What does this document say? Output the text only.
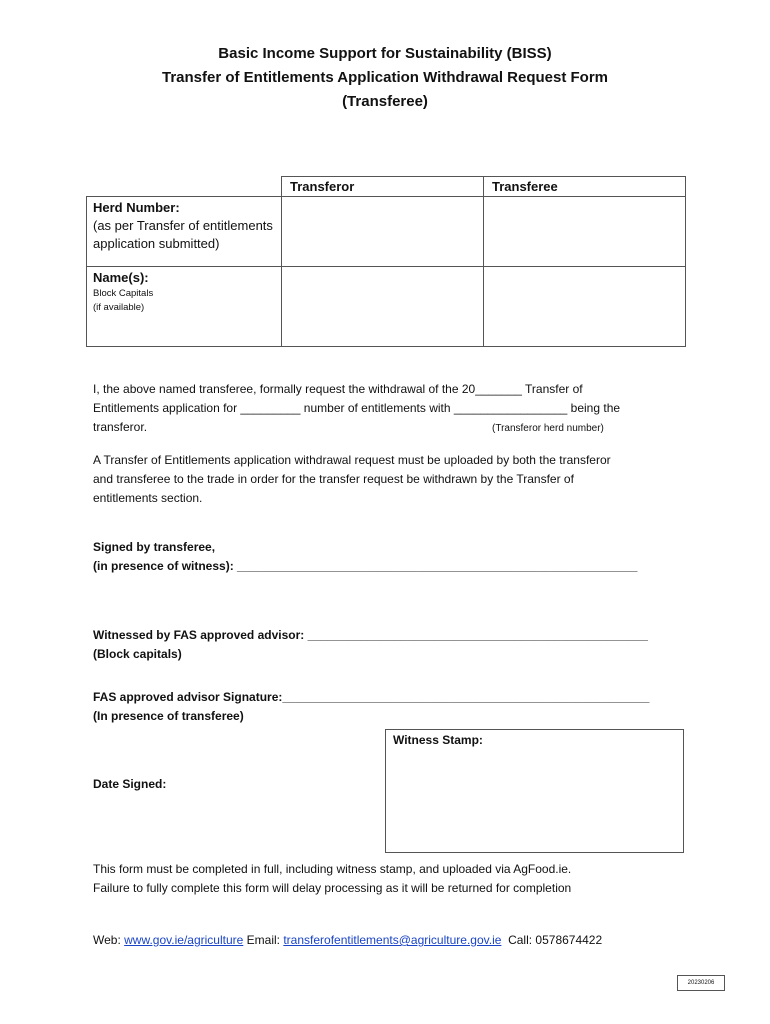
Basic Income Support for Sustainability (BISS)
Transfer of Entitlements Application Withdrawal Request Form
(Transferee)
	Transferor	Transferee

Herd Number:
(as per Transfer of entitlements application submitted)		

Name(s):
Block Capitals
(if available)		

I, the above named transferee, formally request the withdrawal of the 20_______ Transfer of
Entitlements application for _________ number of entitlements with _________________ being the
transferor.	(Transferor herd number)
A Transfer of Entitlements application withdrawal request must be uploaded by both the transferor
and transferee to the trade in order for the transfer request be withdrawn by the Transfer of
entitlements section.
Signed by transferee,
(in presence of witness): ____________________________________________________________
Witnessed by FAS approved advisor: ___________________________________________________
(Block capitals)
FAS approved advisor Signature:_______________________________________________________
(In presence of transferee)
Date Signed:
Witness Stamp:
This form must be completed in full, including witness stamp, and uploaded via AgFood.ie.
Failure to fully complete this form will delay processing as it will be returned for completion
Web: www.gov.ie/agriculture Email: transferofentitlements@agriculture.gov.ie Call: 0578674422
20230206
